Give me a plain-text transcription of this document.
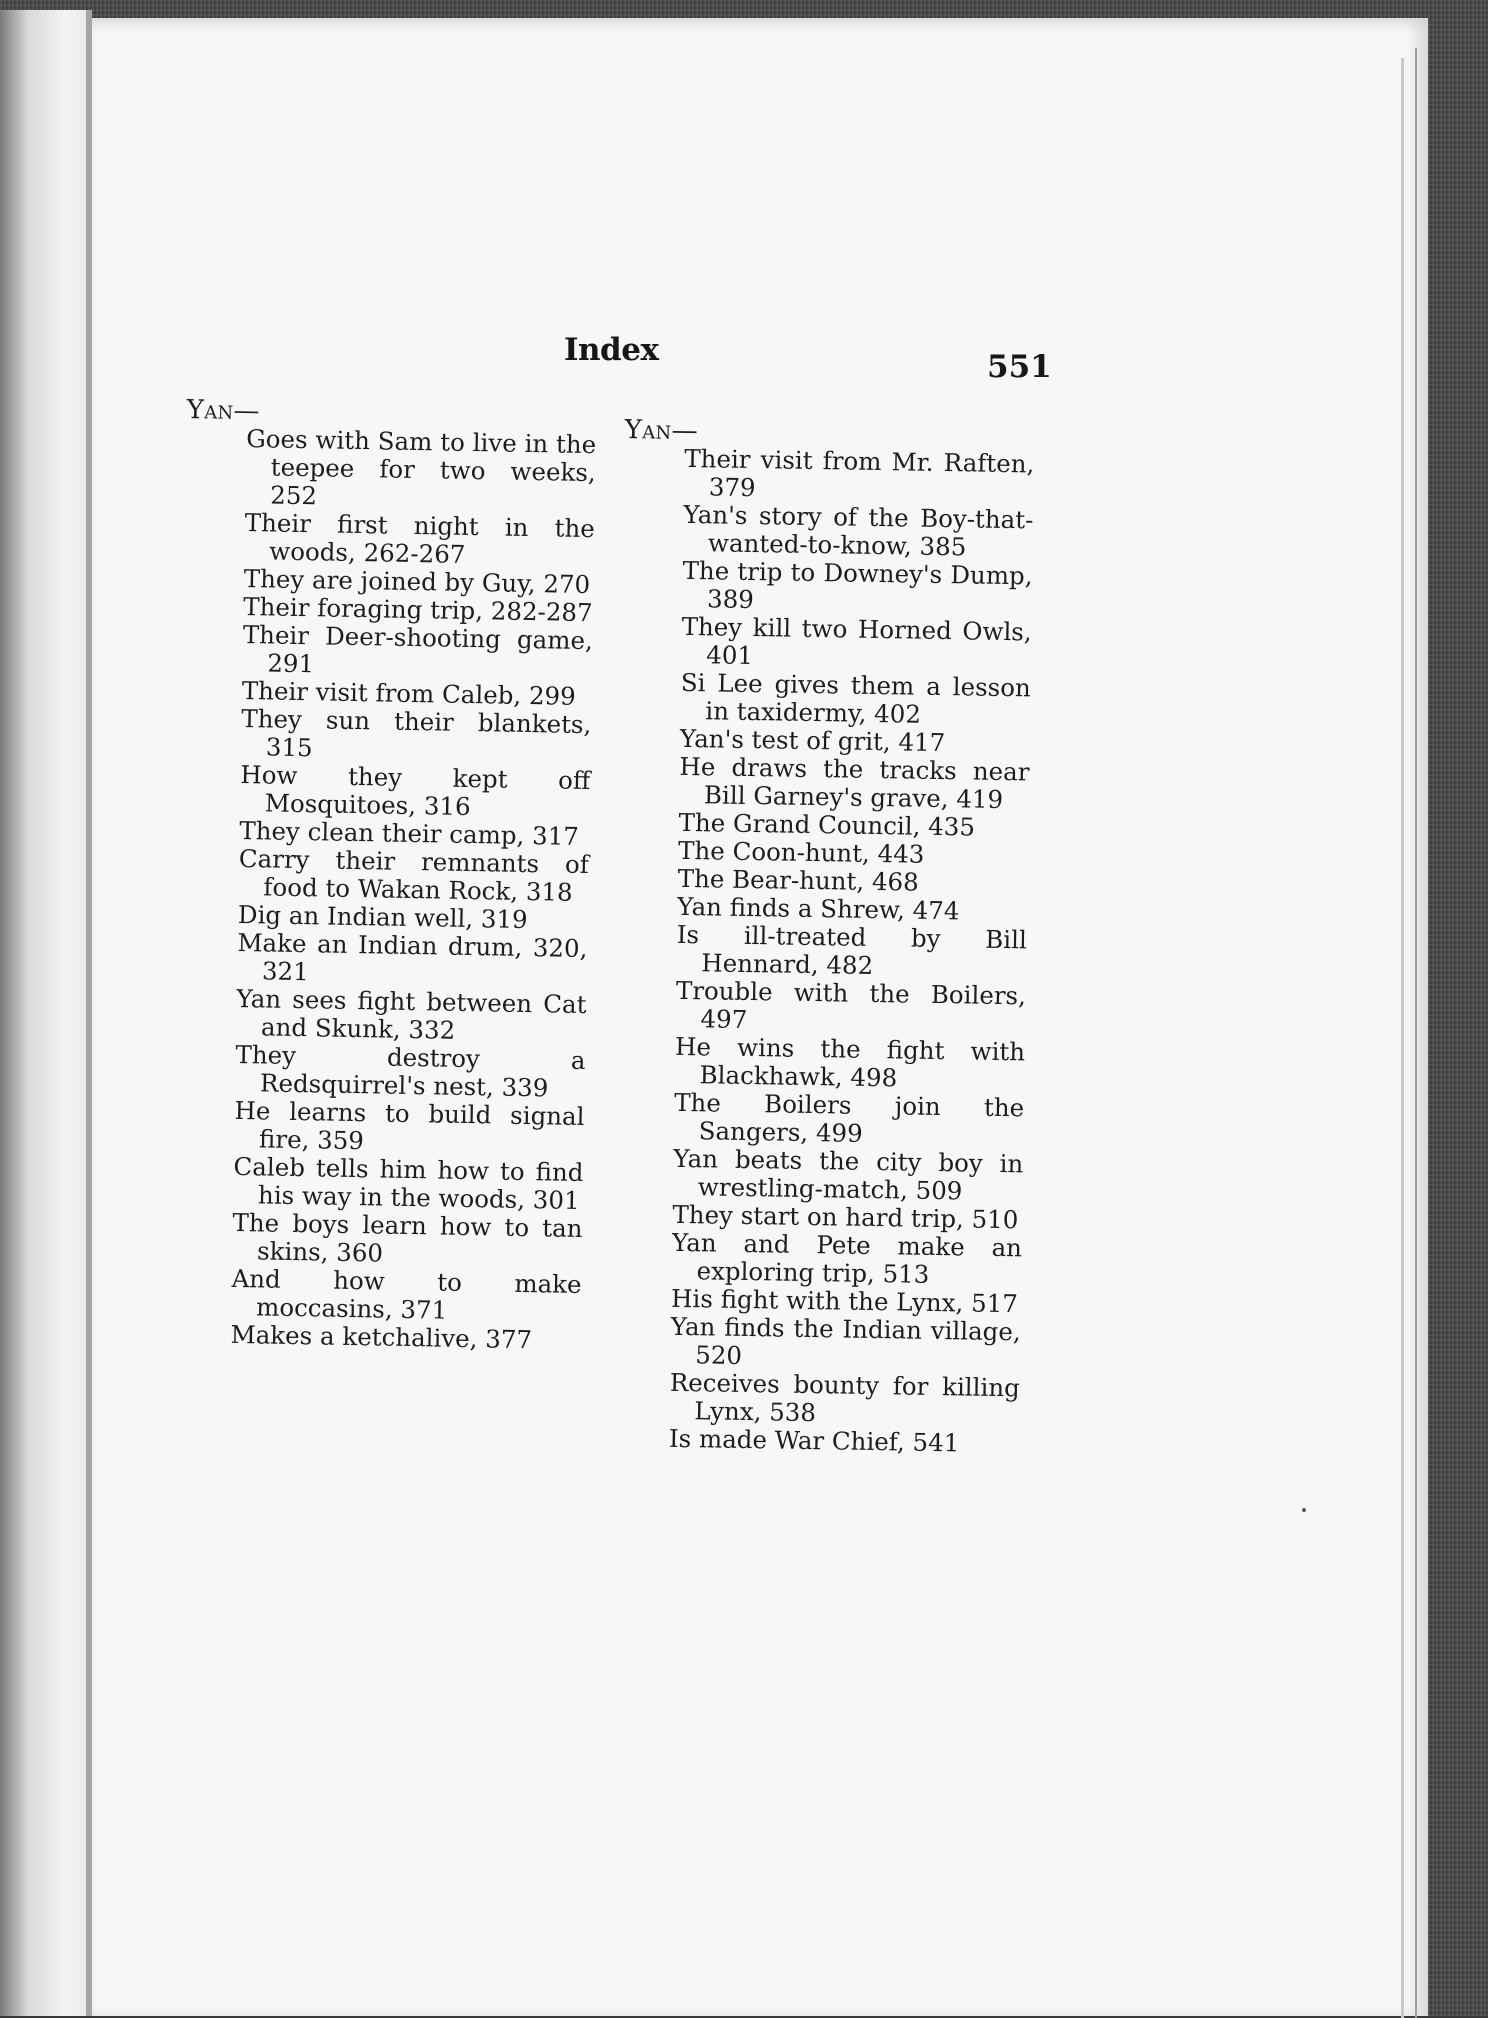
Index	551
Yan—
Goes with Sam to live in the teepee for two weeks, 252
Their first night in the woods, 262-267
They are joined by Guy, 270
Their foraging trip, 282-287
Their Deer-shooting game, 291
Their visit from Caleb, 299
They sun their blankets, 315
How they kept off Mosquitoes, 316
They clean their camp, 317
Carry their remnants of food to Wakan Rock, 318
Dig an Indian well, 319
Make an Indian drum, 320, 321
Yan sees fight between Cat and Skunk, 332
They destroy a Redsquirrel's nest, 339
He learns to build signal fire, 359
Caleb tells him how to find his way in the woods, 301
The boys learn how to tan skins, 360
And how to make moccasins, 371
Makes a ketchalive, 377
Yan—
Their visit from Mr. Raften, 379
Yan's story of the Boy-that-wanted-to-know, 385
The trip to Downey's Dump, 389
They kill two Horned Owls, 401
Si Lee gives them a lesson in taxidermy, 402
Yan's test of grit, 417
He draws the tracks near Bill Garney's grave, 419
The Grand Council, 435
The Coon-hunt, 443
The Bear-hunt, 468
Yan finds a Shrew, 474
Is ill-treated by Bill Hennard, 482
Trouble with the Boilers, 497
He wins the fight with Blackhawk, 498
The Boilers join the Sangers, 499
Yan beats the city boy in wrestling-match, 509
They start on hard trip, 510
Yan and Pete make an exploring trip, 513
His fight with the Lynx, 517
Yan finds the Indian village, 520
Receives bounty for killing Lynx, 538
Is made War Chief, 541
